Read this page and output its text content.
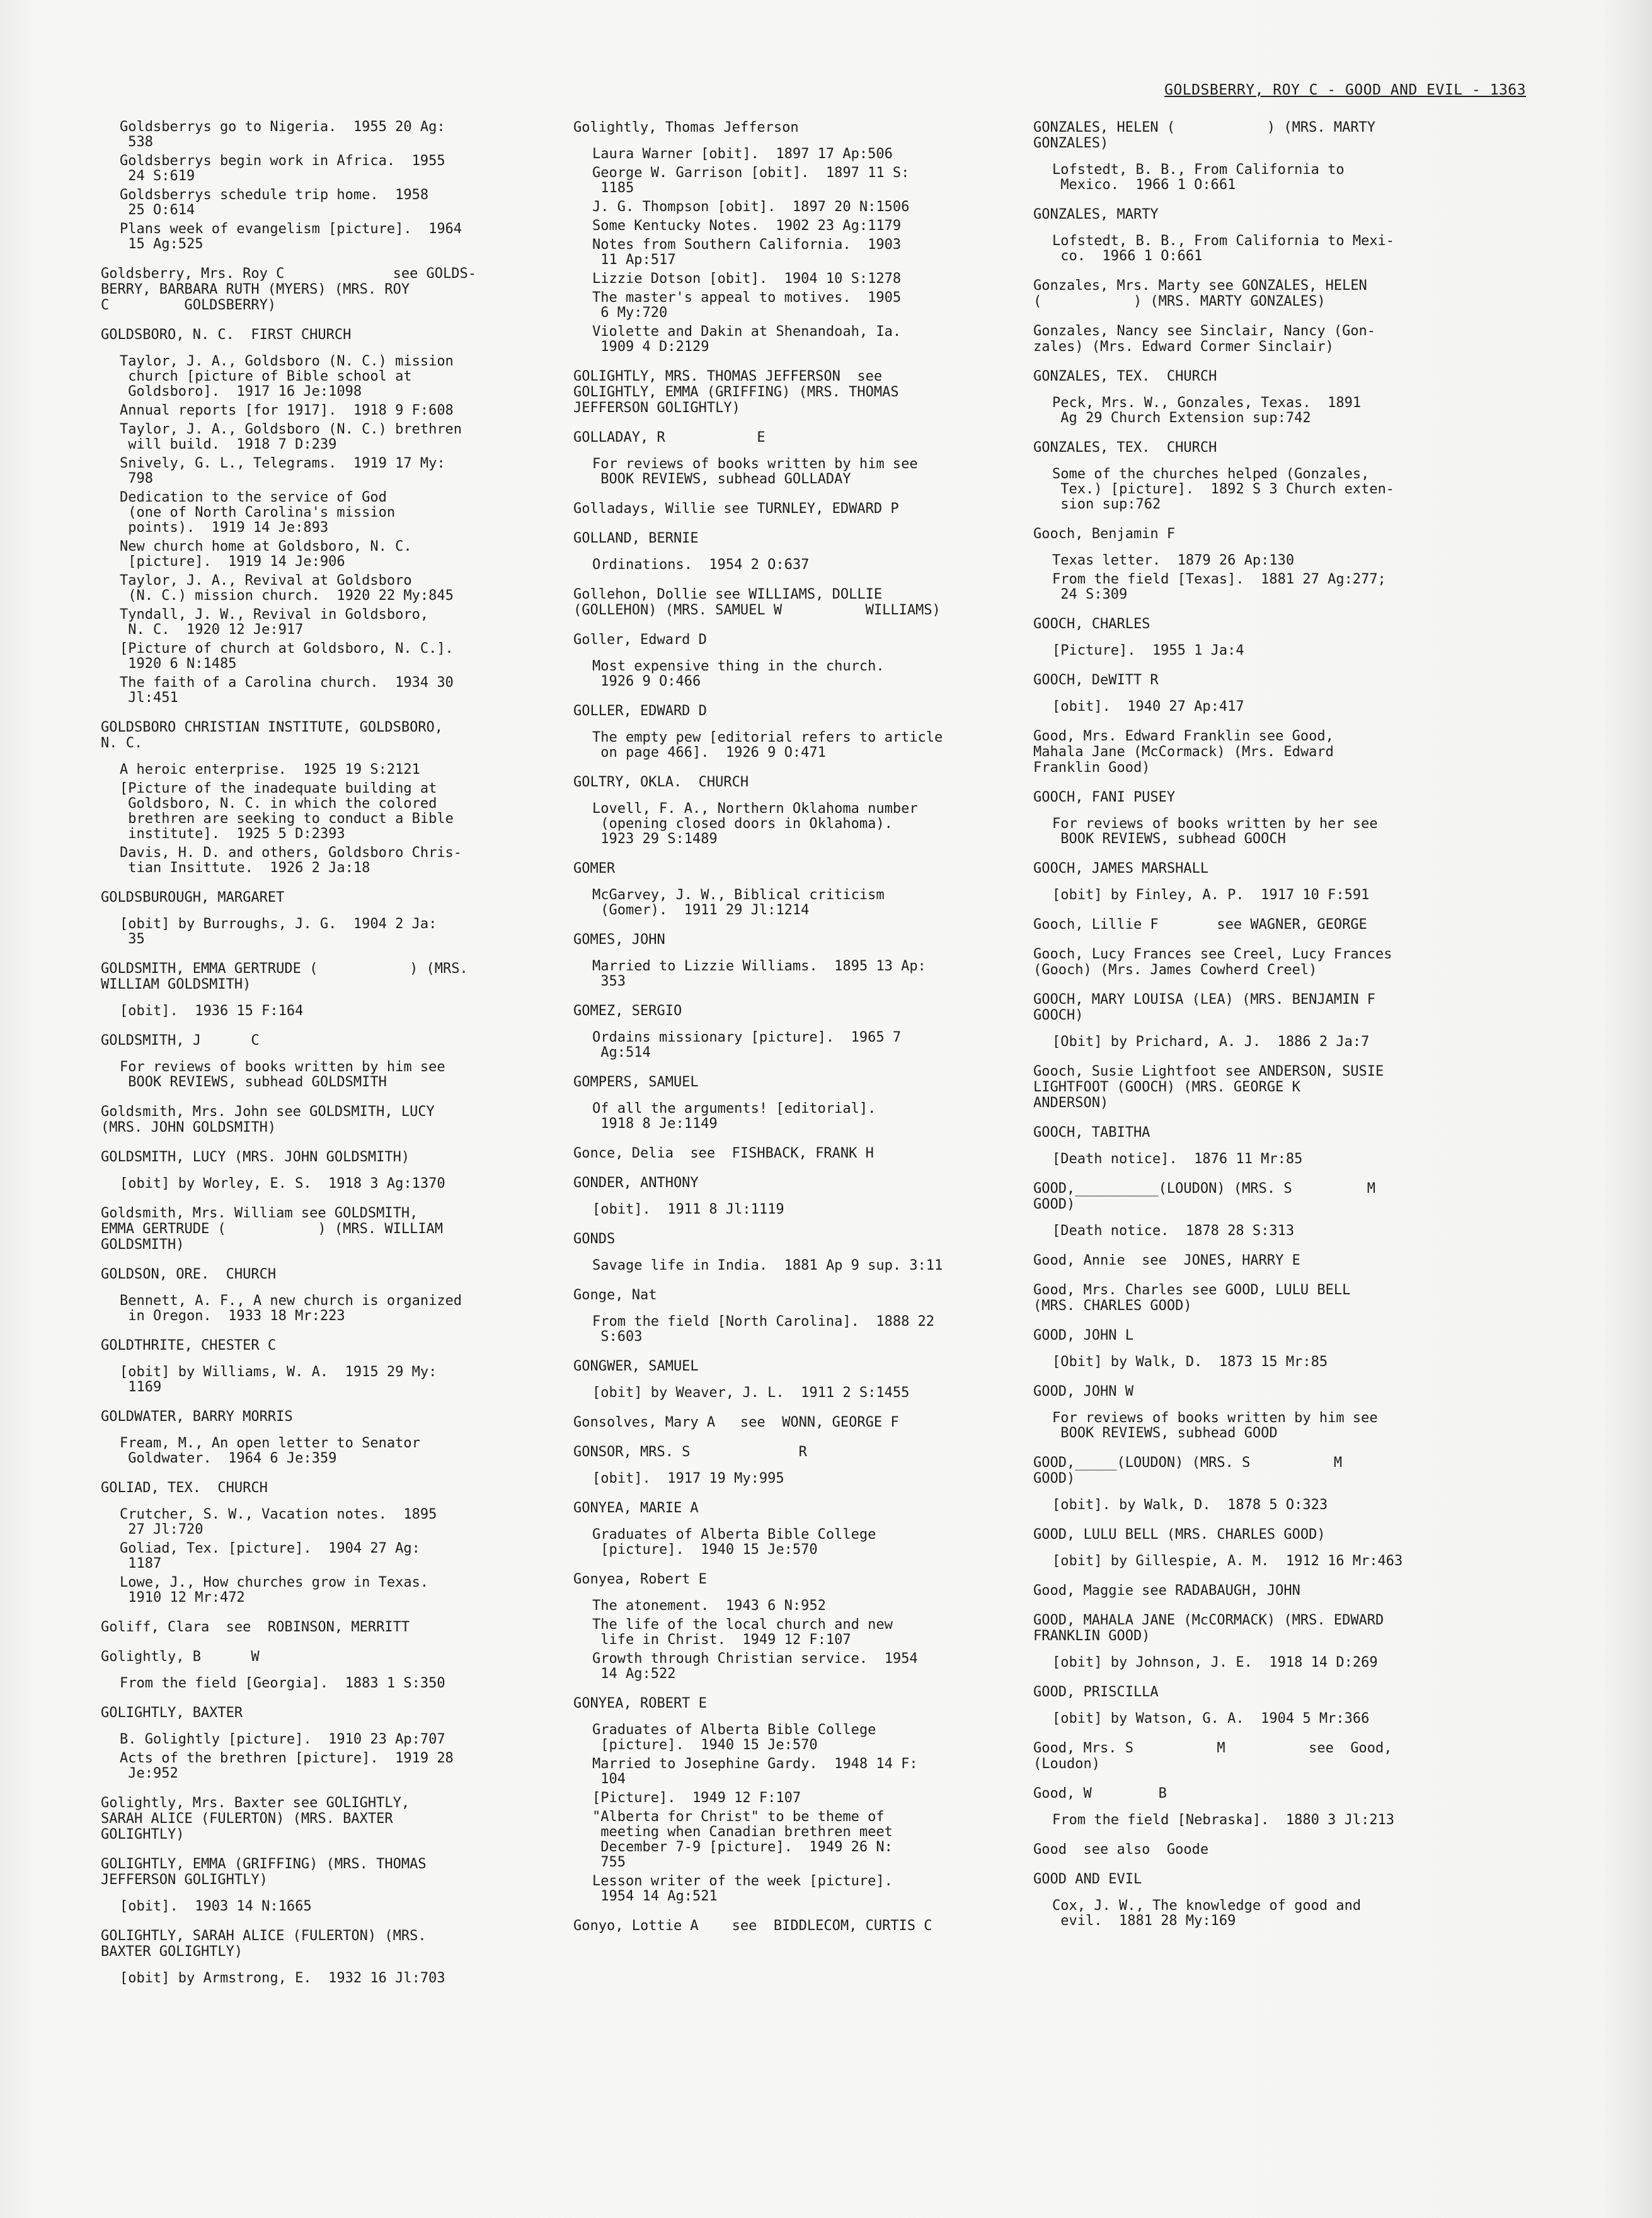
GOLDSBERRY, ROY C - GOOD AND EVIL - 1363
Goldsberrys go to Nigeria.  1955 20 Ag:
538
Goldsberrys begin work in Africa.  1955
24 S:619
Goldsberrys schedule trip home.  1958
25 O:614
Plans week of evangelism [picture].  1964
15 Ag:525
Goldsberry, Mrs. Roy C             see GOLDS-
BERRY, BARBARA RUTH (MYERS) (MRS. ROY
C         GOLDSBERRY)
GOLDSBORO, N. C.  FIRST CHURCH
Taylor, J. A., Goldsboro (N. C.) mission
church [picture of Bible school at
Goldsboro].  1917 16 Je:1098
Annual reports [for 1917].  1918 9 F:608
Taylor, J. A., Goldsboro (N. C.) brethren
will build.  1918 7 D:239
Snively, G. L., Telegrams.  1919 17 My:
798
Dedication to the service of God
(one of North Carolina's mission
points).  1919 14 Je:893
New church home at Goldsboro, N. C.
[picture].  1919 14 Je:906
Taylor, J. A., Revival at Goldsboro
(N. C.) mission church.  1920 22 My:845
Tyndall, J. W., Revival in Goldsboro,
N. C.  1920 12 Je:917
[Picture of church at Goldsboro, N. C.].
1920 6 N:1485
The faith of a Carolina church.  1934 30
Jl:451
GOLDSBORO CHRISTIAN INSTITUTE, GOLDSBORO,
N. C.
A heroic enterprise.  1925 19 S:2121
[Picture of the inadequate building at
Goldsboro, N. C. in which the colored
brethren are seeking to conduct a Bible
institute].  1925 5 D:2393
Davis, H. D. and others, Goldsboro Chris-
tian Insittute.  1926 2 Ja:18
GOLDSBUROUGH, MARGARET
[obit] by Burroughs, J. G.  1904 2 Ja:
35
GOLDSMITH, EMMA GERTRUDE (           ) (MRS.
WILLIAM GOLDSMITH)
[obit].  1936 15 F:164
GOLDSMITH, J      C
For reviews of books written by him see
BOOK REVIEWS, subhead GOLDSMITH
Goldsmith, Mrs. John see GOLDSMITH, LUCY
(MRS. JOHN GOLDSMITH)
GOLDSMITH, LUCY (MRS. JOHN GOLDSMITH)
[obit] by Worley, E. S.  1918 3 Ag:1370
Goldsmith, Mrs. William see GOLDSMITH,
EMMA GERTRUDE (           ) (MRS. WILLIAM
GOLDSMITH)
GOLDSON, ORE.  CHURCH
Bennett, A. F., A new church is organized
in Oregon.  1933 18 Mr:223
GOLDTHRITE, CHESTER C
[obit] by Williams, W. A.  1915 29 My:
1169
GOLDWATER, BARRY MORRIS
Fream, M., An open letter to Senator
Goldwater.  1964 6 Je:359
GOLIAD, TEX.  CHURCH
Crutcher, S. W., Vacation notes.  1895
27 Jl:720
Goliad, Tex. [picture].  1904 27 Ag:
1187
Lowe, J., How churches grow in Texas.
1910 12 Mr:472
Goliff, Clara  see  ROBINSON, MERRITT
Golightly, B      W
From the field [Georgia].  1883 1 S:350
GOLIGHTLY, BAXTER
B. Golightly [picture].  1910 23 Ap:707
Acts of the brethren [picture].  1919 28
Je:952
Golightly, Mrs. Baxter see GOLIGHTLY,
SARAH ALICE (FULERTON) (MRS. BAXTER
GOLIGHTLY)
GOLIGHTLY, EMMA (GRIFFING) (MRS. THOMAS
JEFFERSON GOLIGHTLY)
[obit].  1903 14 N:1665
GOLIGHTLY, SARAH ALICE (FULERTON) (MRS.
BAXTER GOLIGHTLY)
[obit] by Armstrong, E.  1932 16 Jl:703
Golightly, Thomas Jefferson
Laura Warner [obit].  1897 17 Ap:506
George W. Garrison [obit].  1897 11 S:
1185
J. G. Thompson [obit].  1897 20 N:1506
Some Kentucky Notes.  1902 23 Ag:1179
Notes from Southern California.  1903
11 Ap:517
Lizzie Dotson [obit].  1904 10 S:1278
The master's appeal to motives.  1905
6 My:720
Violette and Dakin at Shenandoah, Ia.
1909 4 D:2129
GOLIGHTLY, MRS. THOMAS JEFFERSON  see
GOLIGHTLY, EMMA (GRIFFING) (MRS. THOMAS
JEFFERSON GOLIGHTLY)
GOLLADAY, R           E
For reviews of books written by him see
BOOK REVIEWS, subhead GOLLADAY
Golladays, Willie see TURNLEY, EDWARD P
GOLLAND, BERNIE
Ordinations.  1954 2 O:637
Gollehon, Dollie see WILLIAMS, DOLLIE
(GOLLEHON) (MRS. SAMUEL W          WILLIAMS)
Goller, Edward D
Most expensive thing in the church.
1926 9 O:466
GOLLER, EDWARD D
The empty pew [editorial refers to article
on page 466].  1926 9 O:471
GOLTRY, OKLA.  CHURCH
Lovell, F. A., Northern Oklahoma number
(opening closed doors in Oklahoma).
1923 29 S:1489
GOMER
McGarvey, J. W., Biblical criticism
(Gomer).  1911 29 Jl:1214
GOMES, JOHN
Married to Lizzie Williams.  1895 13 Ap:
353
GOMEZ, SERGIO
Ordains missionary [picture].  1965 7
Ag:514
GOMPERS, SAMUEL
Of all the arguments! [editorial].
1918 8 Je:1149
Gonce, Delia  see  FISHBACK, FRANK H
GONDER, ANTHONY
[obit].  1911 8 Jl:1119
GONDS
Savage life in India.  1881 Ap 9 sup. 3:11
Gonge, Nat
From the field [North Carolina].  1888 22
S:603
GONGWER, SAMUEL
[obit] by Weaver, J. L.  1911 2 S:1455
Gonsolves, Mary A   see  WONN, GEORGE F
GONSOR, MRS. S             R
[obit].  1917 19 My:995
GONYEA, MARIE A
Graduates of Alberta Bible College
[picture].  1940 15 Je:570
Gonyea, Robert E
The atonement.  1943 6 N:952
The life of the local church and new
life in Christ.  1949 12 F:107
Growth through Christian service.  1954
14 Ag:522
GONYEA, ROBERT E
Graduates of Alberta Bible College
[picture].  1940 15 Je:570
Married to Josephine Gardy.  1948 14 F:
104
[Picture].  1949 12 F:107
"Alberta for Christ" to be theme of
meeting when Canadian brethren meet
December 7-9 [picture].  1949 26 N:
755
Lesson writer of the week [picture].
1954 14 Ag:521
Gonyo, Lottie A    see  BIDDLECOM, CURTIS C
GONZALES, HELEN (           ) (MRS. MARTY
GONZALES)
Lofstedt, B. B., From California to
Mexico.  1966 1 O:661
GONZALES, MARTY
Lofstedt, B. B., From California to Mexi-
co.  1966 1 O:661
Gonzales, Mrs. Marty see GONZALES, HELEN
(           ) (MRS. MARTY GONZALES)
Gonzales, Nancy see Sinclair, Nancy (Gon-
zales) (Mrs. Edward Cormer Sinclair)
GONZALES, TEX.  CHURCH
Peck, Mrs. W., Gonzales, Texas.  1891
Ag 29 Church Extension sup:742
GONZALES, TEX.  CHURCH
Some of the churches helped (Gonzales,
Tex.) [picture].  1892 S 3 Church exten-
sion sup:762
Gooch, Benjamin F
Texas letter.  1879 26 Ap:130
From the field [Texas].  1881 27 Ag:277;
24 S:309
GOOCH, CHARLES
[Picture].  1955 1 Ja:4
GOOCH, DeWITT R
[obit].  1940 27 Ap:417
Good, Mrs. Edward Franklin see Good,
Mahala Jane (McCormack) (Mrs. Edward
Franklin Good)
GOOCH, FANI PUSEY
For reviews of books written by her see
BOOK REVIEWS, subhead GOOCH
GOOCH, JAMES MARSHALL
[obit] by Finley, A. P.  1917 10 F:591
Gooch, Lillie F       see WAGNER, GEORGE
Gooch, Lucy Frances see Creel, Lucy Frances
(Gooch) (Mrs. James Cowherd Creel)
GOOCH, MARY LOUISA (LEA) (MRS. BENJAMIN F
GOOCH)
[Obit] by Prichard, A. J.  1886 2 Ja:7
Gooch, Susie Lightfoot see ANDERSON, SUSIE
LIGHTFOOT (GOOCH) (MRS. GEORGE K
ANDERSON)
GOOCH, TABITHA
[Death notice].  1876 11 Mr:85
GOOD,__________(LOUDON) (MRS. S         M
GOOD)
[Death notice.  1878 28 S:313
Good, Annie  see  JONES, HARRY E
Good, Mrs. Charles see GOOD, LULU BELL
(MRS. CHARLES GOOD)
GOOD, JOHN L
[Obit] by Walk, D.  1873 15 Mr:85
GOOD, JOHN W
For reviews of books written by him see
BOOK REVIEWS, subhead GOOD
GOOD,_____(LOUDON) (MRS. S          M
GOOD)
[obit]. by Walk, D.  1878 5 O:323
GOOD, LULU BELL (MRS. CHARLES GOOD)
[obit] by Gillespie, A. M.  1912 16 Mr:463
Good, Maggie see RADABAUGH, JOHN
GOOD, MAHALA JANE (McCORMACK) (MRS. EDWARD
FRANKLIN GOOD)
[obit] by Johnson, J. E.  1918 14 D:269
GOOD, PRISCILLA
[obit] by Watson, G. A.  1904 5 Mr:366
Good, Mrs. S          M          see  Good,
(Loudon)
Good, W        B
From the field [Nebraska].  1880 3 Jl:213
Good  see also  Goode
GOOD AND EVIL
Cox, J. W., The knowledge of good and
evil.  1881 28 My:169
